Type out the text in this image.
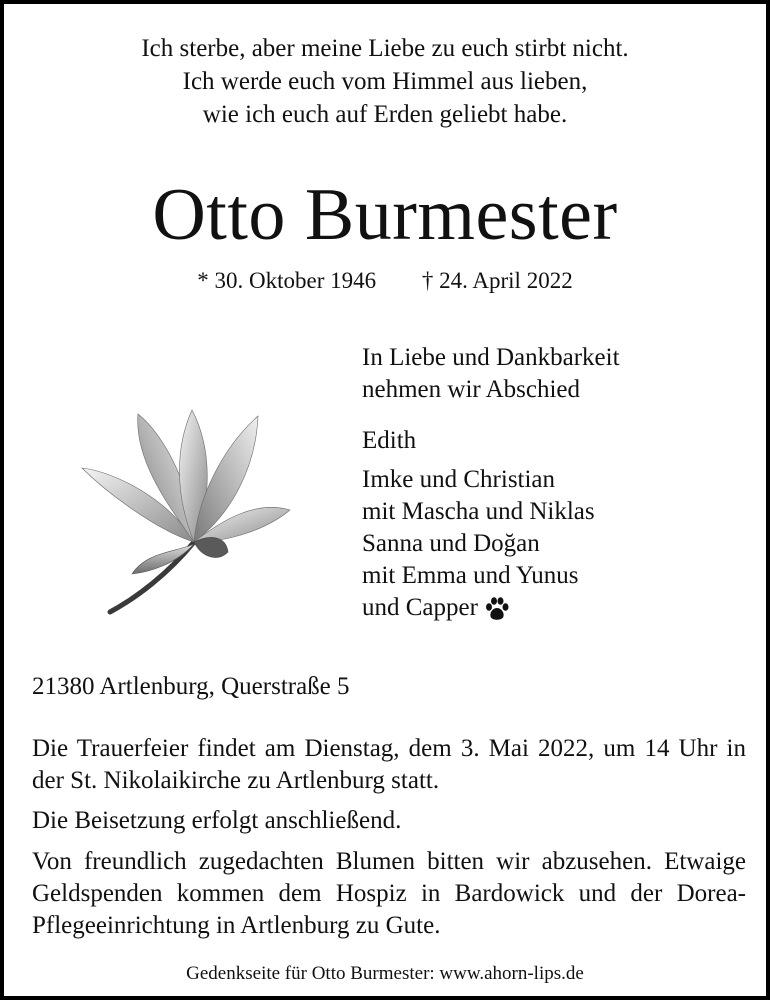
Ich sterbe, aber meine Liebe zu euch stirbt nicht.
Ich werde euch vom Himmel aus lieben,
wie ich euch auf Erden geliebt habe.
Otto Burmester
* 30. Oktober 1946 † 24. April 2022
In Liebe und Dankbarkeit
nehmen wir Abschied
Edith
Imke und Christian
mit Mascha und Niklas
Sanna und Doğan
mit Emma und Yunus
und Capper
21380 Artlenburg, Querstraße 5
Die Trauerfeier findet am Dienstag, dem 3. Mai 2022, um 14 Uhr in der St. Nikolaikirche zu Artlenburg statt.
Die Beisetzung erfolgt anschließend.
Von freundlich zugedachten Blumen bitten wir abzusehen. Etwaige Geldspenden kommen dem Hospiz in Bardowick und der Dorea-Pflegeeinrichtung in Artlenburg zu Gute.
Gedenkseite für Otto Burmester: www.ahorn-lips.de
